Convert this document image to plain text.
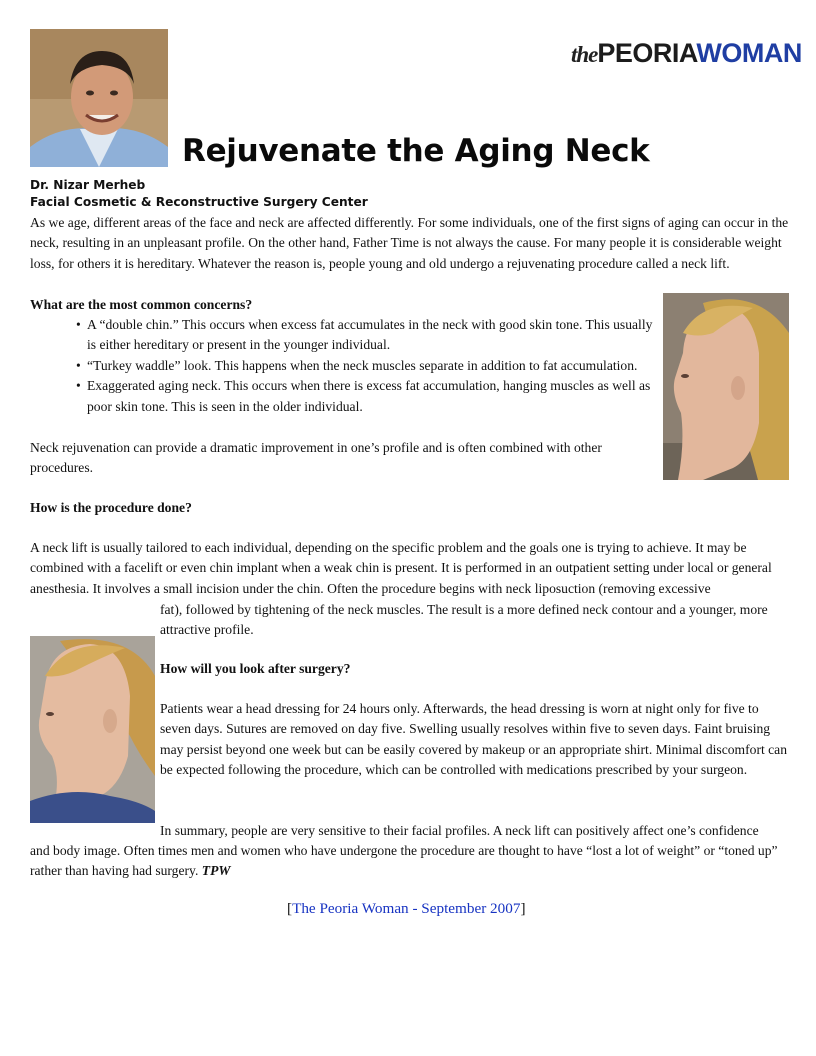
thePEORIAWOMAN
Rejuvenate the Aging Neck

Dr. Nizar Merheb

Facial Cosmetic & Reconstructive Surgery Center

As we age, different areas of the face and neck are affected differently. For some individuals, one of the first signs of aging can occur in the neck, resulting in an unpleasant profile. On the other hand, Father Time is not always the cause. For many people it is considerable weight loss, for others it is hereditary. Whatever the reason is, people young and old undergo a rejuvenating procedure called a neck lift.

What are the most common concerns?

• A “double chin.” This occurs when excess fat accumulates in the neck with good skin tone. This usually is either hereditary or present in the younger individual.
• “Turkey waddle” look. This happens when the neck muscles separate in addition to fat accumulation.
• Exaggerated aging neck. This occurs when there is excess fat accumulation, hanging muscles as well as poor skin tone. This is seen in the older individual.

Neck rejuvenation can provide a dramatic improvement in one’s profile and is often combined with other procedures.

How is the procedure done?

A neck lift is usually tailored to each individual, depending on the specific problem and the goals one is trying to achieve. It may be combined with a facelift or even chin implant when a weak chin is present. It is performed in an outpatient setting under local or general anesthesia. It involves a small incision under the chin. Often the procedure begins with neck liposuction (removing excessive

fat), followed by tightening of the neck muscles. The result is a more defined neck contour and a younger, more attractive profile.

How will you look after surgery?

Patients wear a head dressing for 24 hours only. Afterwards, the head dressing is worn at night only for five to seven days. Sutures are removed on day five. Swelling usually resolves within five to seven days. Faint bruising may persist beyond one week but can be easily covered by makeup or an appropriate shirt. Minimal discomfort can be expected following the procedure, which can be controlled with medications prescribed by your surgeon.

In summary, people are very sensitive to their facial profiles. A neck lift can positively affect one’s confidence

and body image. Often times men and women who have undergone the procedure are thought to have “lost a lot of weight” or “toned up” rather than having had surgery. TPW

[The Peoria Woman - September 2007]
